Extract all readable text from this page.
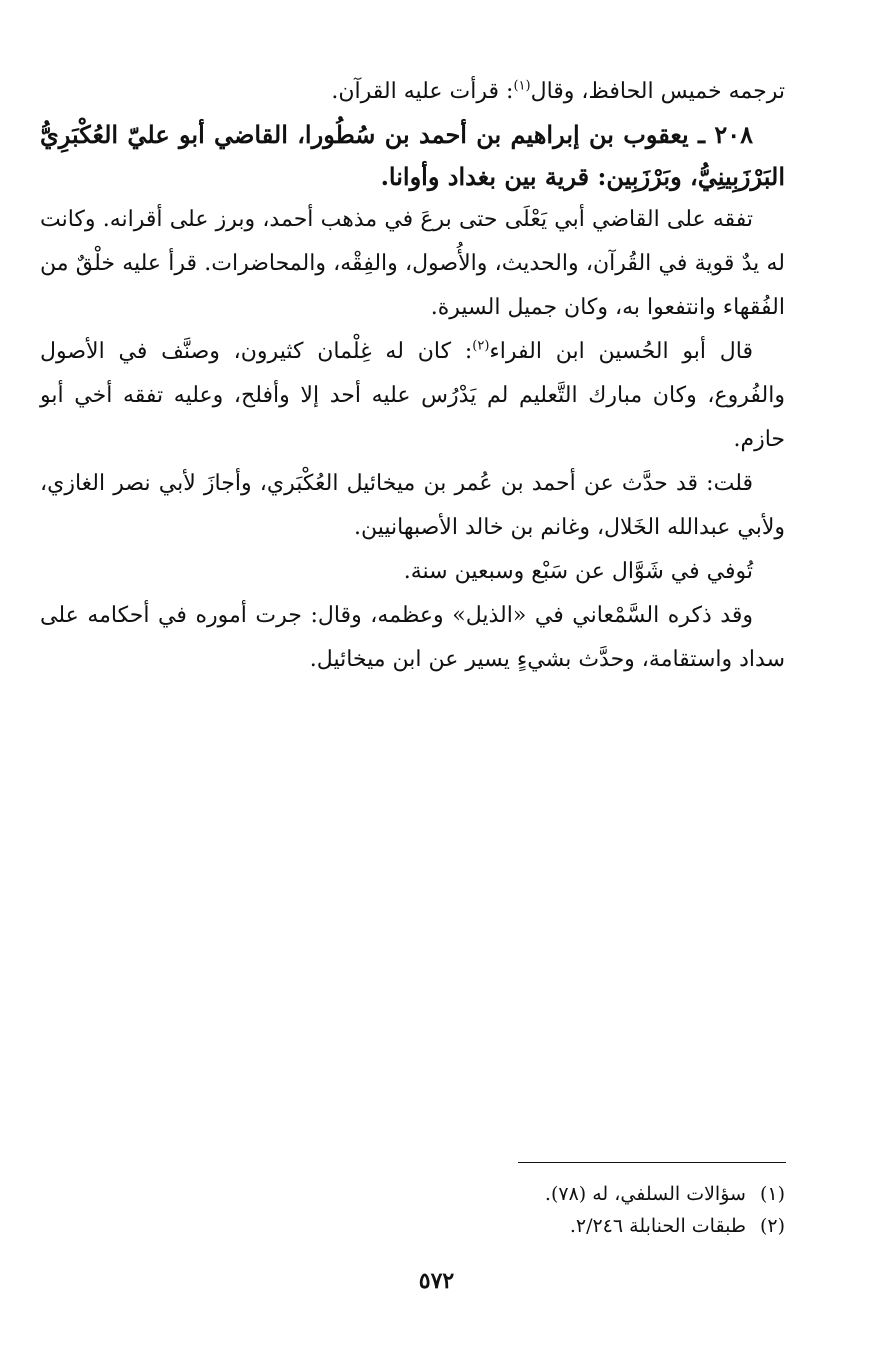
ترجمه خميس الحافظ، وقال$^{(١)}$: قرأت عليه القرآن.

٢٠٨ ـ يعقوب بن إبراهيم بن أحمد بن سُطُورا، القاضي أبو عليّ العُكْبَرِيُّ البَرْزَبِينِيُّ، وبَرْزَبِين: قرية بين بغداد وأوانا.

تفقه على القاضي أبي يَعْلَى حتى برعَ في مذهب أحمد، وبرز على أقرانه. وكانت له يدٌ قوية في القُرآن، والحديث، والأُصول، والفِقْه، والمحاضرات. قرأ عليه خلْقٌ من الفُقهاء وانتفعوا به، وكان جميل السيرة.

قال أبو الحُسين ابن الفراء$^{(٢)}$: كان له غِلْمان كثيرون، وصنَّف في الأصول والفُروع، وكان مبارك التَّعليم لم يَدْرُس عليه أحد إلا وأفلح، وعليه تفقه أخي أبو حازم.

قلت: قد حدَّث عن أحمد بن عُمر بن ميخائيل العُكْبَري، وأجازَ لأبي نصر الغازي، ولأبي عبدالله الخَلال، وغانم بن خالد الأصبهانيين.

تُوفي في شَوَّال عن سَبْع وسبعين سنة.

وقد ذكره السَّمْعاني في «الذيل» وعظمه، وقال: جرت أموره في أحكامه على سداد واستقامة، وحدَّث بشيءٍ يسير عن ابن ميخائيل.

(١)سؤالات السلفي، له (٧٨).

(٢)طبقات الحنابلة ٢/٢٤٦.

٥٧٢
